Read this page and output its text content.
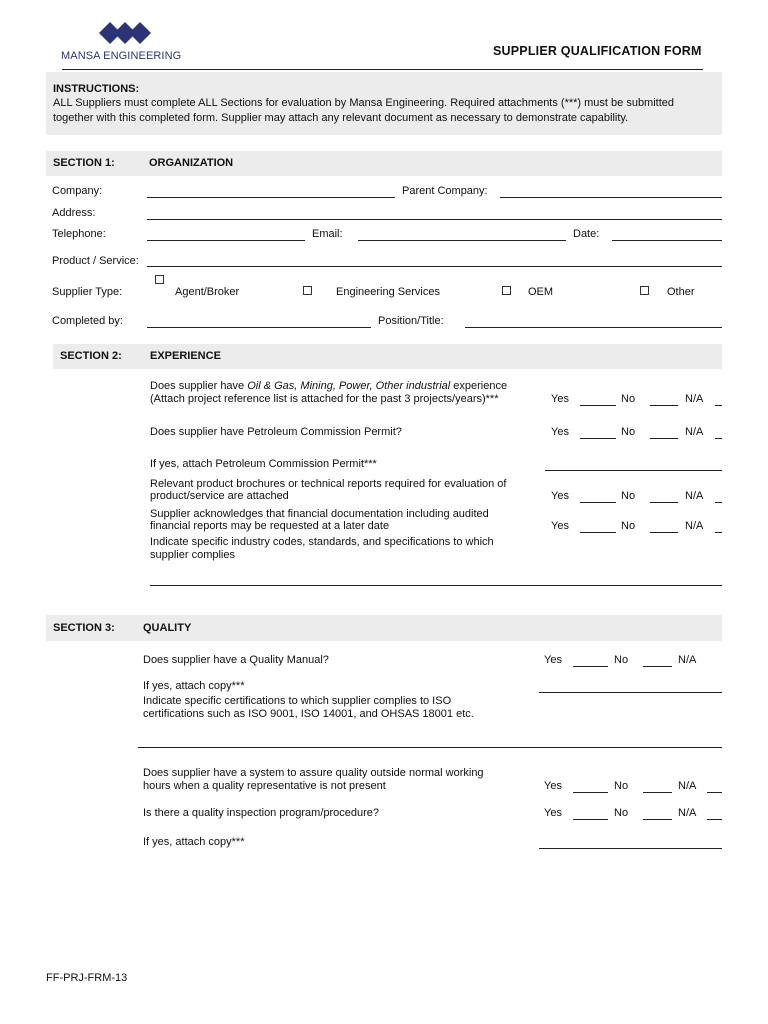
MANSA ENGINEERING	SUPPLIER QUALIFICATION FORM
INSTRUCTIONS:
ALL Suppliers must complete ALL Sections for evaluation by Mansa Engineering. Required attachments (***) must be submitted
together with this completed form. Supplier may attach any relevant document as necessary to demonstrate capability.
SECTION 1:	ORGANIZATION
Company:	Parent Company:
Address:
Telephone:	Email:	Date:
Product / Service:
Supplier Type:	Agent/Broker	Engineering Services	OEM	Other
Completed by:	Position/Title:
SECTION 2:	EXPERIENCE
Does supplier have Oil & Gas, Mining, Power, Other industrial experience
(Attach project reference list is attached for the past 3 projects/years)***	Yes	No	N/A
Does supplier have Petroleum Commission Permit?	Yes	No	N/A
If yes, attach Petroleum Commission Permit***
Relevant product brochures or technical reports required for evaluation of
product/service are attached	Yes	No	N/A
Supplier acknowledges that financial documentation including audited
financial reports may be requested at a later date	Yes	No	N/A
Indicate specific industry codes, standards, and specifications to which
supplier complies
SECTION 3:	QUALITY
Does supplier have a Quality Manual?	Yes	No	N/A
If yes, attach copy***
Indicate specific certifications to which supplier complies to ISO
certifications such as ISO 9001, ISO 14001, and OHSAS 18001 etc.
Does supplier have a system to assure quality outside normal working
hours when a quality representative is not present	Yes	No	N/A
Is there a quality inspection program/procedure?	Yes	No	N/A
If yes, attach copy***
FF-PRJ-FRM-13
